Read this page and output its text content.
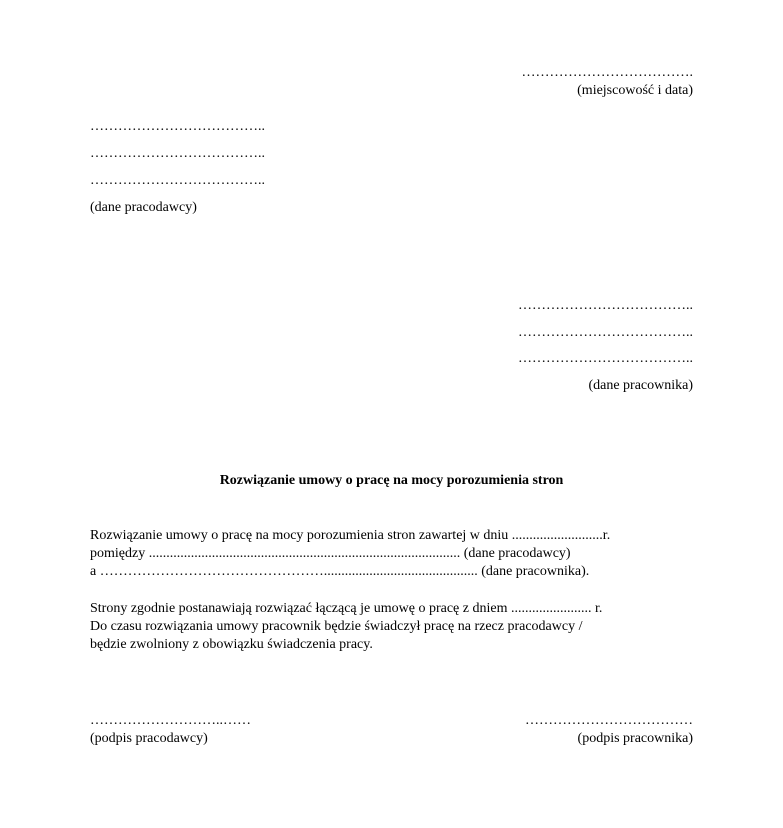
……………………………….
(miejscowość i data)
………………………………..
………………………………..
………………………………..
(dane pracodawcy)
………………………………..
………………………………..
………………………………..
(dane pracownika)
Rozwiązanie umowy o pracę na mocy porozumienia stron
Rozwiązanie umowy o pracę na mocy porozumienia stron zawartej w dniu ..........................r.
pomiędzy ......................................................................................... (dane pracodawcy)
a …………………………………………............................................ (dane pracownika).
Strony zgodnie postanawiają rozwiązać łączącą je umowę o pracę z dniem ....................... r.
Do czasu rozwiązania umowy pracownik będzie świadczył pracę na rzecz pracodawcy /
będzie zwolniony z obowiązku świadczenia pracy.
………………………..……
(podpis pracodawcy)
………………………………
(podpis pracownika)
